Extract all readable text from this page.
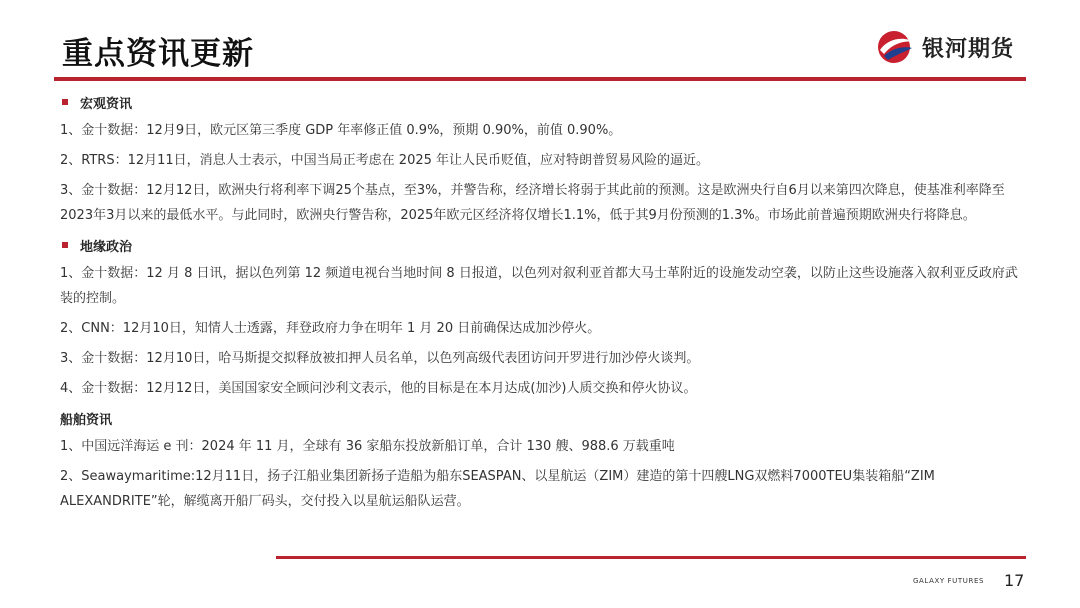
重点资讯更新	银河期货
宏观资讯
1、金十数据：12月9日，欧元区第三季度 GDP 年率修正值 0.9%，预期 0.90%，前值 0.90%。
2、RTRS：12月11日，消息人士表示，中国当局正考虑在 2025 年让人民币贬值，应对特朗普贸易风险的逼近。
3、金十数据：12月12日，欧洲央行将利率下调25个基点，至3%，并警告称，经济增长将弱于其此前的预测。这是欧洲央行自6月以来第四次降息，使基准利率降至2023年3月以来的最低水平。与此同时，欧洲央行警告称，2025年欧元区经济将仅增长1.1%，低于其9月份预测的1.3%。市场此前普遍预期欧洲央行将降息。
地缘政治
1、金十数据：12 月 8 日讯，据以色列第 12 频道电视台当地时间 8 日报道，以色列对叙利亚首都大马士革附近的设施发动空袭，以防止这些设施落入叙利亚反政府武装的控制。
2、CNN：12月10日，知情人士透露，拜登政府力争在明年 1 月 20 日前确保达成加沙停火。
3、金十数据：12月10日，哈马斯提交拟释放被扣押人员名单，以色列高级代表团访问开罗进行加沙停火谈判。
4、金十数据：12月12日，美国国家安全顾问沙利文表示，他的目标是在本月达成(加沙)人质交换和停火协议。
船舶资讯
1、中国远洋海运 e 刊：2024 年 11 月，全球有 36 家船东投放新船订单，合计 130 艘、988.6 万载重吨
2、Seawaymaritime:12月11日，扬子江船业集团新扬子造船为船东SEASPAN、以星航运（ZIM）建造的第十四艘LNG双燃料7000TEU集装箱船“ZIM ALEXANDRITE”轮，解缆离开船厂码头，交付投入以星航运船队运营。
GALAXY FUTURES 17
